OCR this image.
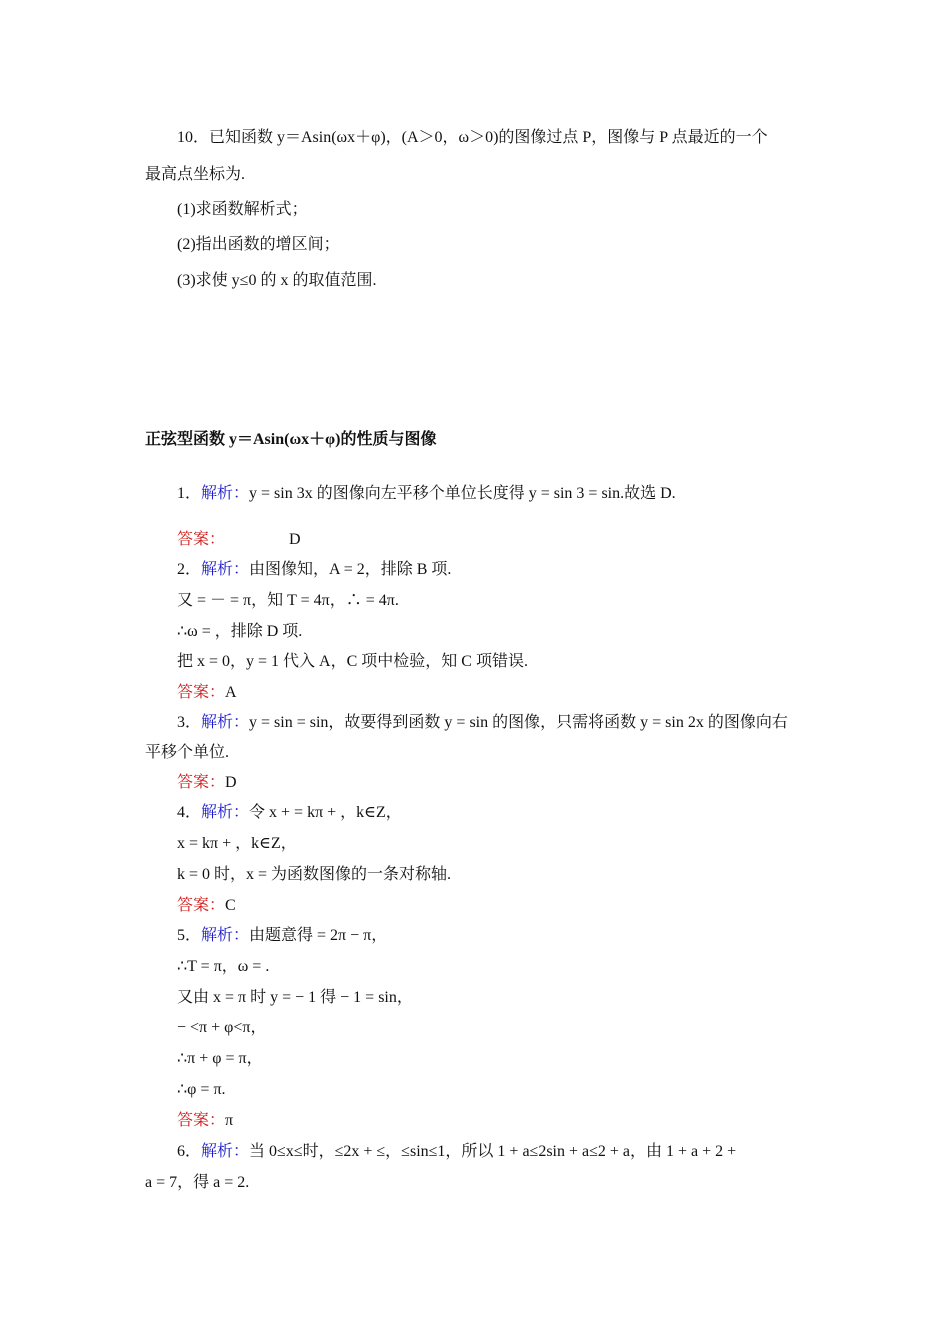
10．已知函数 y＝Asin(ωx＋φ)，(A＞0，ω＞0)的图像过点 P，图像与 P 点最近的一个
最高点坐标为.
(1)求函数解析式；
(2)指出函数的增区间；
(3)求使 y≤0 的 x 的取值范围.
正弦型函数 y＝Asin(ωx＋φ)的性质与图像
1．解析：y = sin 3x 的图像向左平移个单位长度得 y = sin 3 = sin.故选 D.
答案：	D
2．解析：由图像知，A = 2，排除 B 项.
又 = － = π，知 T = 4π，∴ = 4π.
∴ω = ，排除 D 项.
把 x = 0，y = 1 代入 A，C 项中检验，知 C 项错误.
答案：A
3．解析：y = sin = sin，故要得到函数 y = sin 的图像，只需将函数 y = sin 2x 的图像向右
平移个单位.
答案：D
4．解析：令 x + = kπ + ，k∈Z，
x = kπ + ，k∈Z，
k = 0 时，x = 为函数图像的一条对称轴.
答案：C
5．解析：由题意得 = 2π − π，
∴T = π，ω = .
又由 x = π 时 y = − 1 得 − 1 = sin，
− <π + φ<π，
∴π + φ = π，
∴φ = π.
答案：π
6．解析：当 0≤x≤时，≤2x + ≤，≤sin≤1，所以 1 + a≤2sin + a≤2 + a，由 1 + a + 2 +
a = 7，得 a = 2.
